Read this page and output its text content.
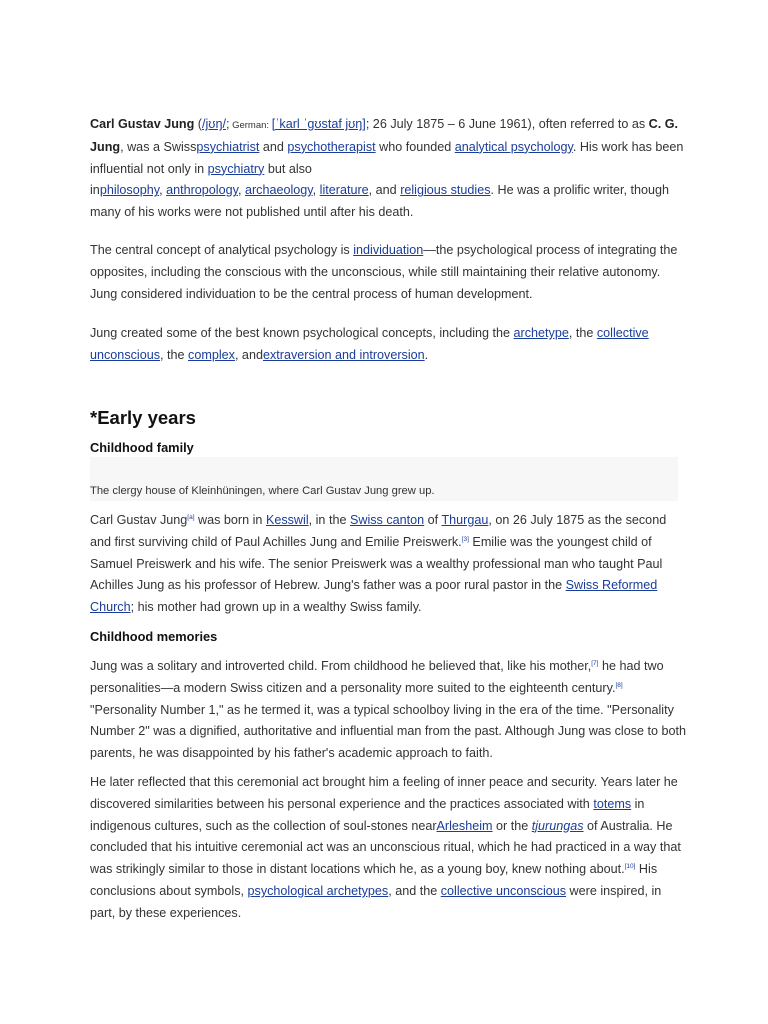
Carl Gustav Jung (/jʊŋ/; German: [ˈkarl ˈɡʊstaf jʊŋ]; 26 July 1875 – 6 June 1961), often referred to as C. G. Jung, was a Swisspsychiatrist and psychotherapist who founded analytical psychology. His work has been influential not only in psychiatry but also
inphilosophy, anthropology, archaeology, literature, and religious studies. He was a prolific writer, though many of his works were not published until after his death.
The central concept of analytical psychology is individuation—the psychological process of integrating the opposites, including the conscious with the unconscious, while still maintaining their relative autonomy. Jung considered individuation to be the central process of human development.
Jung created some of the best known psychological concepts, including the archetype, the collective unconscious, the complex, andextraversion and introversion.
*Early years
Childhood family
The clergy house of Kleinhüningen, where Carl Gustav Jung grew up.
Carl Gustav Jung[a] was born in Kesswil, in the Swiss canton of Thurgau, on 26 July 1875 as the second and first surviving child of Paul Achilles Jung and Emilie Preiswerk.[3] Emilie was the youngest child of Samuel Preiswerk and his wife. The senior Preiswerk was a wealthy professional man who taught Paul Achilles Jung as his professor of Hebrew. Jung's father was a poor rural pastor in the Swiss Reformed Church; his mother had grown up in a wealthy Swiss family.
Childhood memories
Jung was a solitary and introverted child. From childhood he believed that, like his mother,[7] he had two personalities—a modern Swiss citizen and a personality more suited to the eighteenth century.[8] "Personality Number 1," as he termed it, was a typical schoolboy living in the era of the time. "Personality Number 2" was a dignified, authoritative and influential man from the past. Although Jung was close to both parents, he was disappointed by his father's academic approach to faith.
He later reflected that this ceremonial act brought him a feeling of inner peace and security. Years later he discovered similarities between his personal experience and the practices associated with totems in indigenous cultures, such as the collection of soul-stones nearArlesheim or the tjurungas of Australia. He concluded that his intuitive ceremonial act was an unconscious ritual, which he had practiced in a way that was strikingly similar to those in distant locations which he, as a young boy, knew nothing about.[10] His conclusions about symbols, psychological archetypes, and the collective unconscious were inspired, in part, by these experiences.
